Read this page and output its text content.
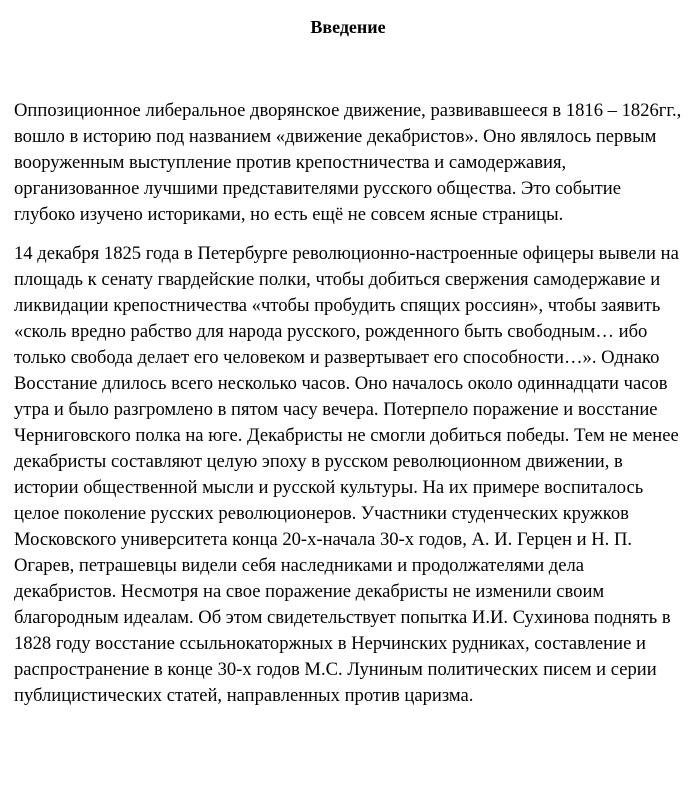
Введение

Оппозиционное либеральное дворянское движение, развивавшееся в 1816 – 1826гг., вошло в историю под названием «движение декабристов». Оно являлось первым вооруженным выступление против крепостничества и самодержавия, организованное лучшими представителями русского общества. Это событие глубоко изучено историками, но есть ещё не совсем ясные страницы.

14 декабря 1825 года в Петербурге революционно-настроенные офицеры вывели на площадь к сенату гвардейские полки, чтобы добиться свержения самодержавие и ликвидации крепостничества «чтобы пробудить спящих россиян», чтобы заявить «сколь вредно рабство для народа русского, рожденного быть свободным… ибо только свобода делает его человеком и развертывает его способности…». Однако Восстание длилось всего несколько часов. Оно началось около одиннадцати часов утра и было разгромлено в пятом часу вечера. Потерпело поражение и восстание Черниговского полка на юге. Декабристы не смогли добиться победы. Тем не менее декабристы составляют целую эпоху в русском революционном движении, в истории общественной мысли и русской культуры. На их примере воспиталось целое поколение русских революционеров. Участники студенческих кружков Московского университета конца 20-х-начала 30-х годов, А. И. Герцен и Н. П. Огарев, петрашевцы видели себя наследниками и продолжателями дела декабристов. Несмотря на свое поражение декабристы не изменили своим благородным идеалам. Об этом свидетельствует попытка И.И. Сухинова поднять в 1828 году восстание ссыльнокаторжных в Нерчинских рудниках, составление и распространение в конце 30-х годов М.С. Луниным политических писем и серии публицистических статей, направленных против царизма.
